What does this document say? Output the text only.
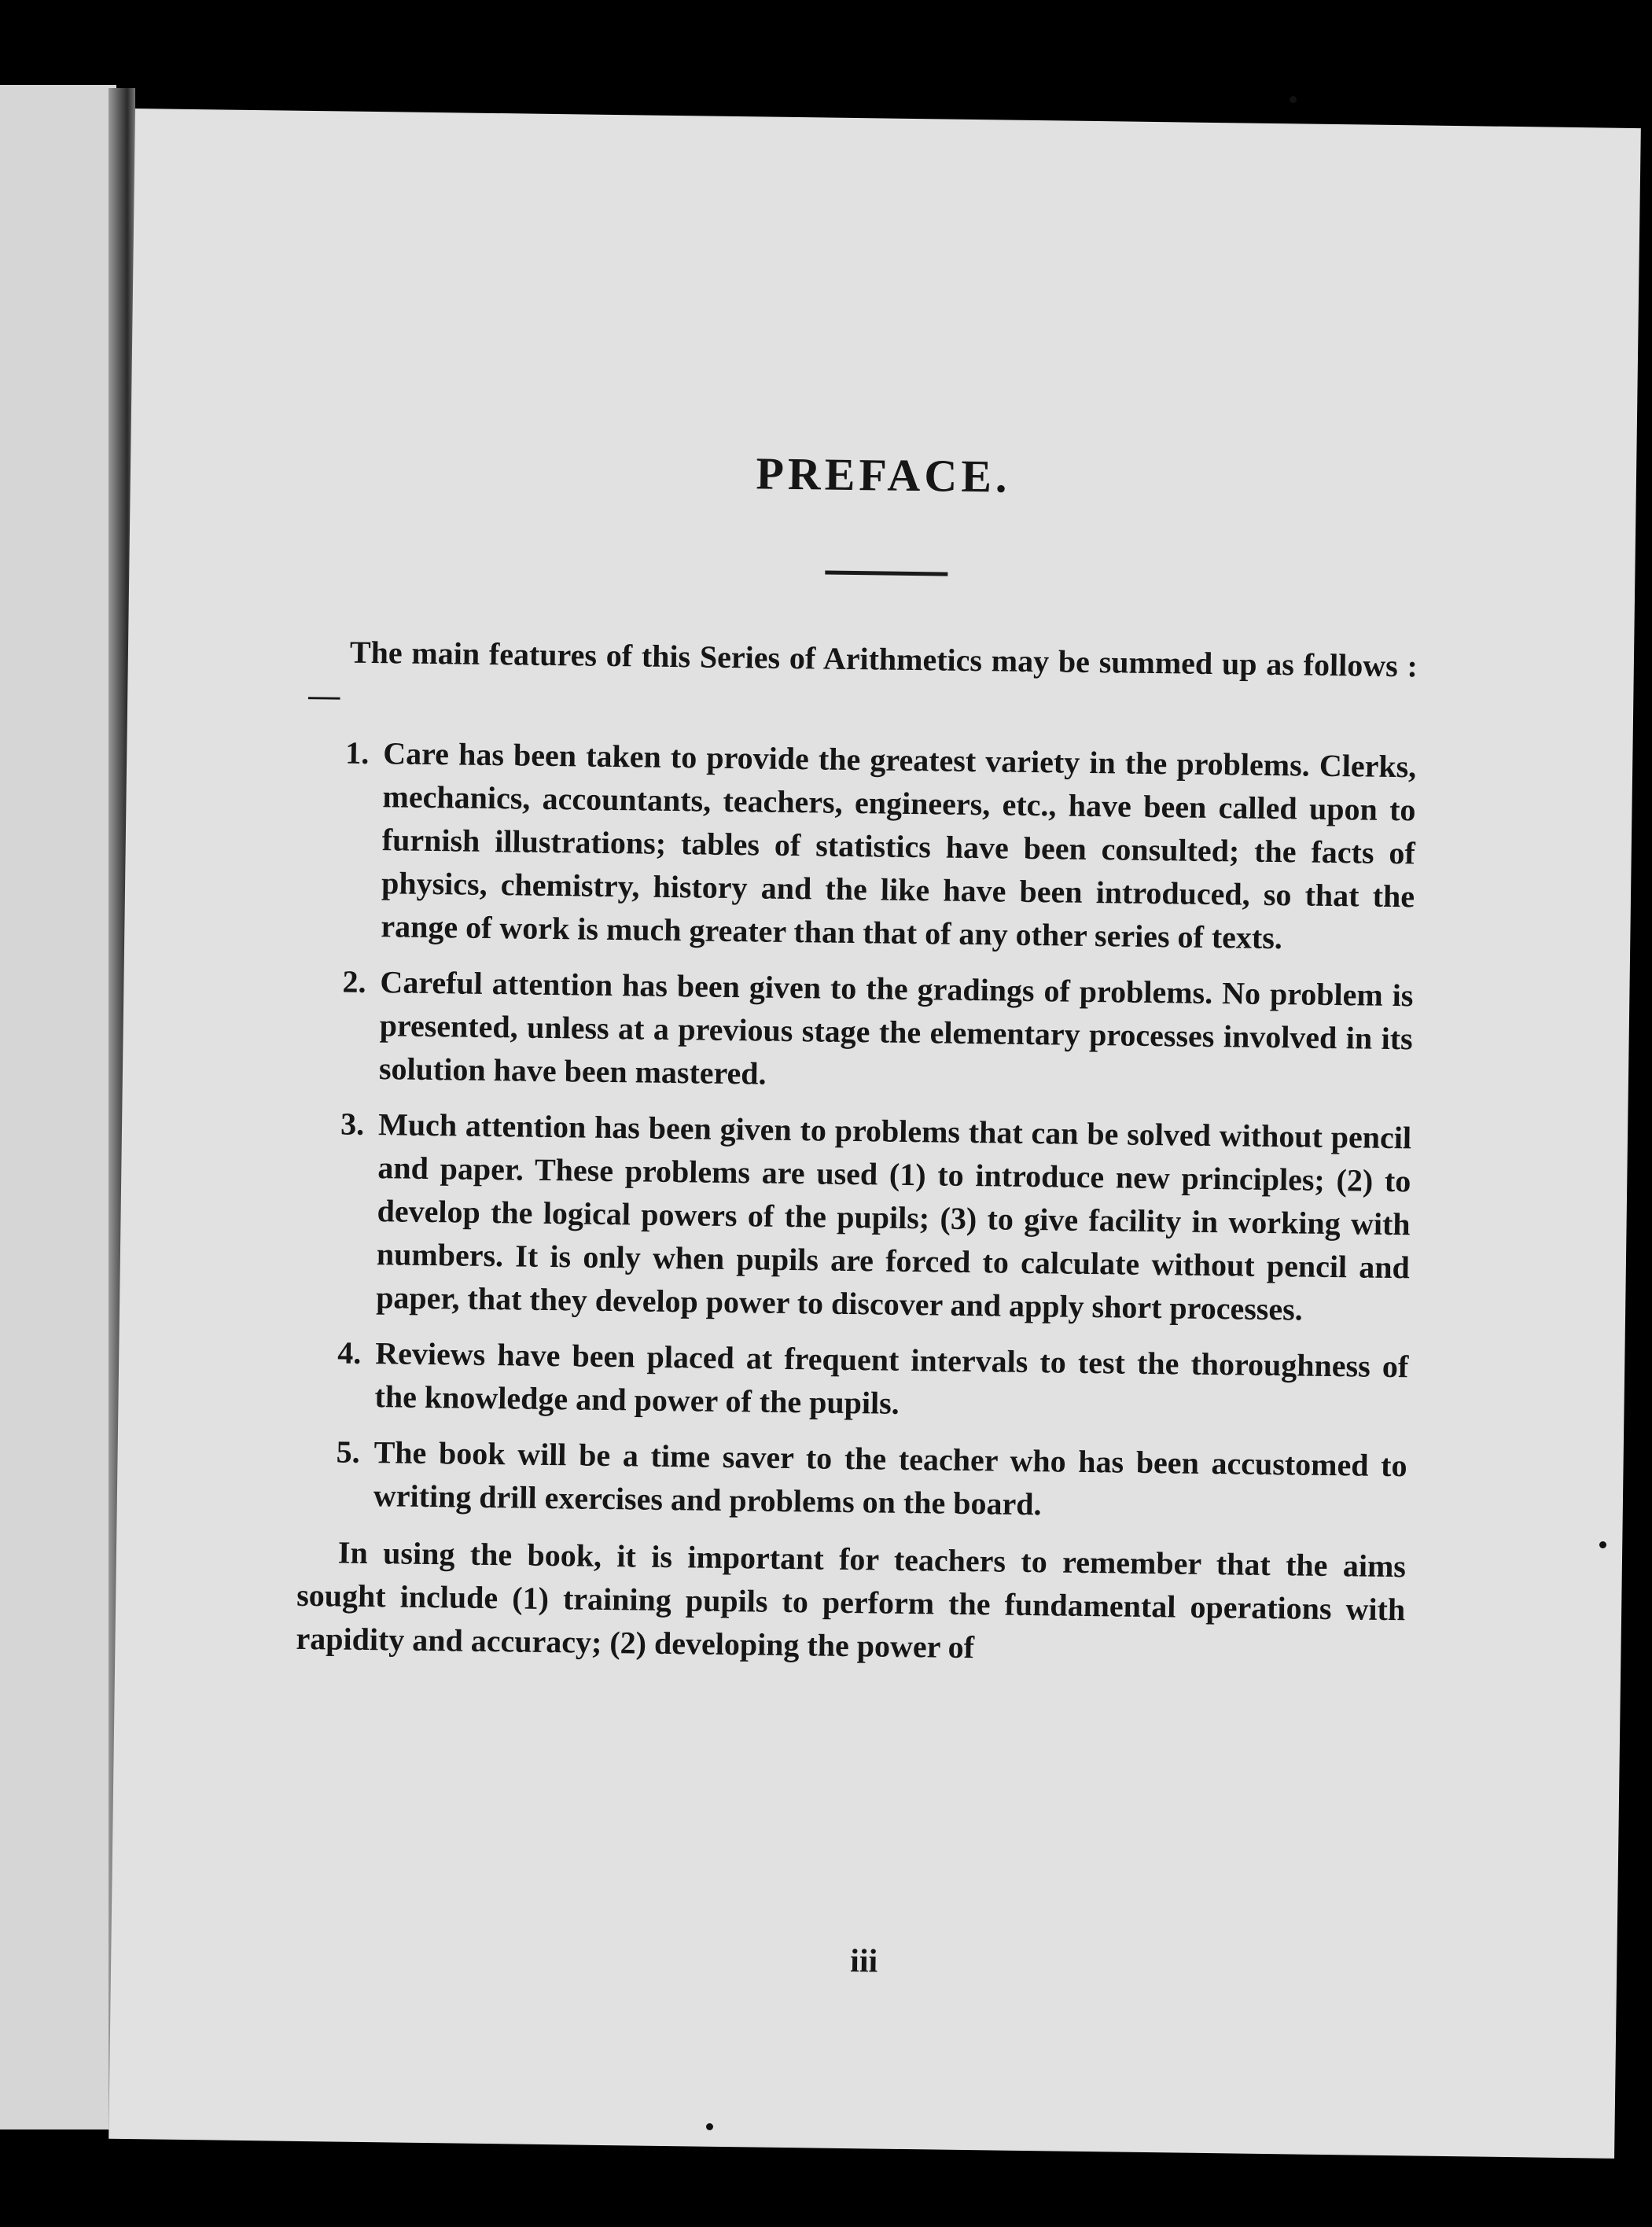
PREFACE.

The main features of this Series of Arithmetics may be summed up as follows :—

1. Care has been taken to provide the greatest variety in the problems. Clerks, mechanics, accountants, teachers, engineers, etc., have been called upon to furnish illustrations; tables of statistics have been consulted; the facts of physics, chemistry, history and the like have been introduced, so that the range of work is much greater than that of any other series of texts.
2. Careful attention has been given to the gradings of problems. No problem is presented, unless at a previous stage the elementary processes involved in its solution have been mastered.
3. Much attention has been given to problems that can be solved without pencil and paper. These problems are used (1) to introduce new principles; (2) to develop the logical powers of the pupils; (3) to give facility in working with numbers. It is only when pupils are forced to calculate without pencil and paper, that they develop power to discover and apply short processes.
4. Reviews have been placed at frequent intervals to test the thoroughness of the knowledge and power of the pupils.
5. The book will be a time saver to the teacher who has been accustomed to writing drill exercises and problems on the board.

In using the book, it is important for teachers to remember that the aims sought include (1) training pupils to perform the fundamental operations with rapidity and accuracy; (2) developing the power of

iii
